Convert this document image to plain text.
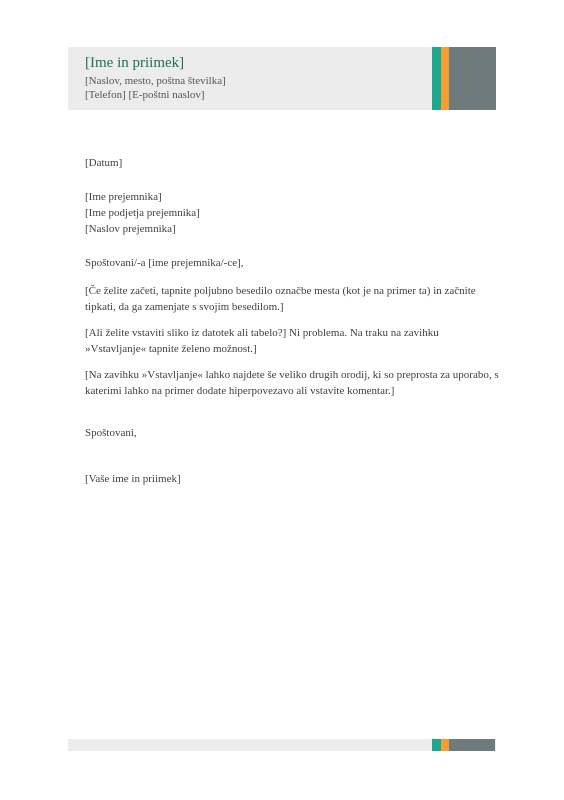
[Ime in priimek]
[Naslov, mesto, poštna številka]
[Telefon] [E-poštni naslov]

[Datum]

[Ime prejemnika]
[Ime podjetja prejemnika]
[Naslov prejemnika]

Spoštovani/-a [ime prejemnika/-ce],

[Če želite začeti, tapnite poljubno besedilo označbe mesta (kot je na primer ta) in začnite tipkati, da ga zamenjate s svojim besedilom.]

[Ali želite vstaviti sliko iz datotek ali tabelo?] Ni problema. Na traku na zavihku »Vstavljanje« tapnite želeno možnost.]

[Na zavihku »Vstavljanje« lahko najdete še veliko drugih orodij, ki so preprosta za uporabo, s katerimi lahko na primer dodate hiperpovezavo ali vstavite komentar.]

Spoštovani,

[Vaše ime in priimek]
